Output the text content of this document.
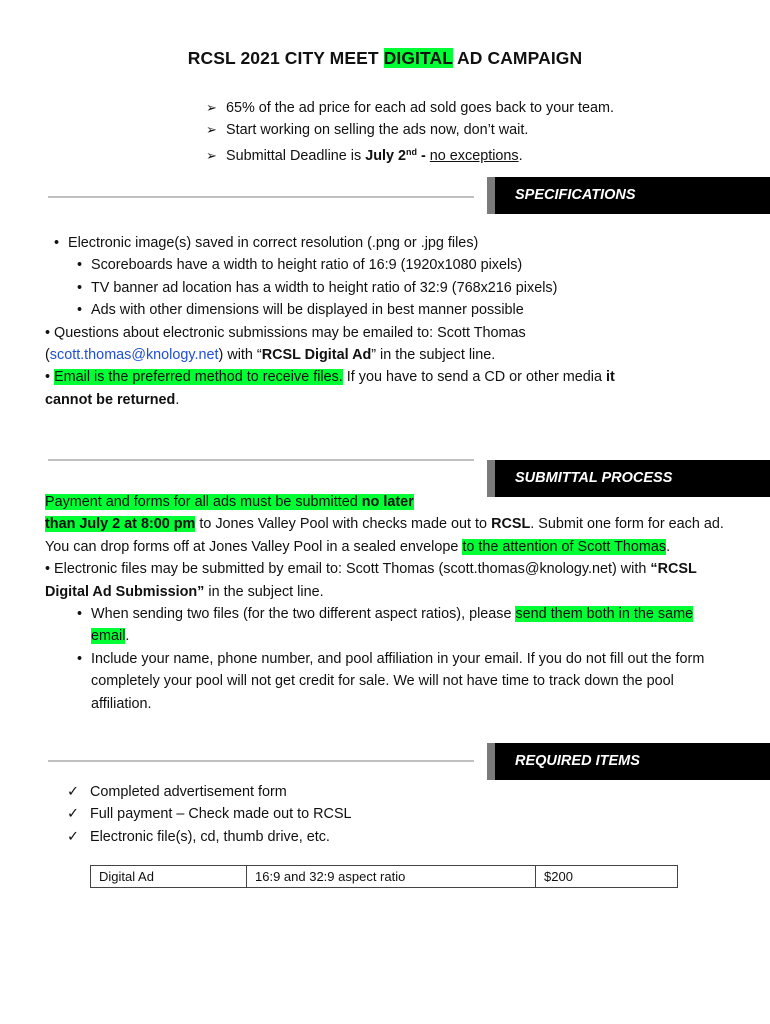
RCSL 2021 CITY MEET DIGITAL AD CAMPAIGN
➢ 65% of the ad price for each ad sold goes back to your team.
➢ Start working on selling the ads now, don’t wait.
➢ Submittal Deadline is July 2nd - no exceptions.
SPECIFICATIONS
• Electronic image(s) saved in correct resolution (.png or .jpg files)
• Scoreboards have a width to height ratio of 16:9 (1920x1080 pixels)
• TV banner ad location has a width to height ratio of 32:9 (768x216 pixels)
• Ads with other dimensions will be displayed in best manner possible
• Questions about electronic submissions may be emailed to: Scott Thomas
(scott.thomas@knology.net) with “RCSL Digital Ad” in the subject line.
• Email is the preferred method to receive files. If you have to send a CD or other media it
cannot be returned.
SUBMITTAL PROCESS
Payment and forms for all ads must be submitted no later
than July 2 at 8:00 pm to Jones Valley Pool with checks made out to RCSL. Submit one form for each ad. You can drop forms off at Jones Valley Pool in a sealed envelope to the attention of Scott Thomas.
• Electronic files may be submitted by email to: Scott Thomas (scott.thomas@knology.net) with “RCSL Digital Ad Submission” in the subject line.
• When sending two files (for the two different aspect ratios), please send them both in the same email.
• Include your name, phone number, and pool affiliation in your email. If you do not fill out the form completely your pool will not get credit for sale. We will not have time to track down the pool affiliation.
REQUIRED ITEMS
✓ Completed advertisement form
✓ Full payment – Check made out to RCSL
✓ Electronic file(s), cd, thumb drive, etc.
Digital Ad	16:9 and 32:9 aspect ratio	$200
